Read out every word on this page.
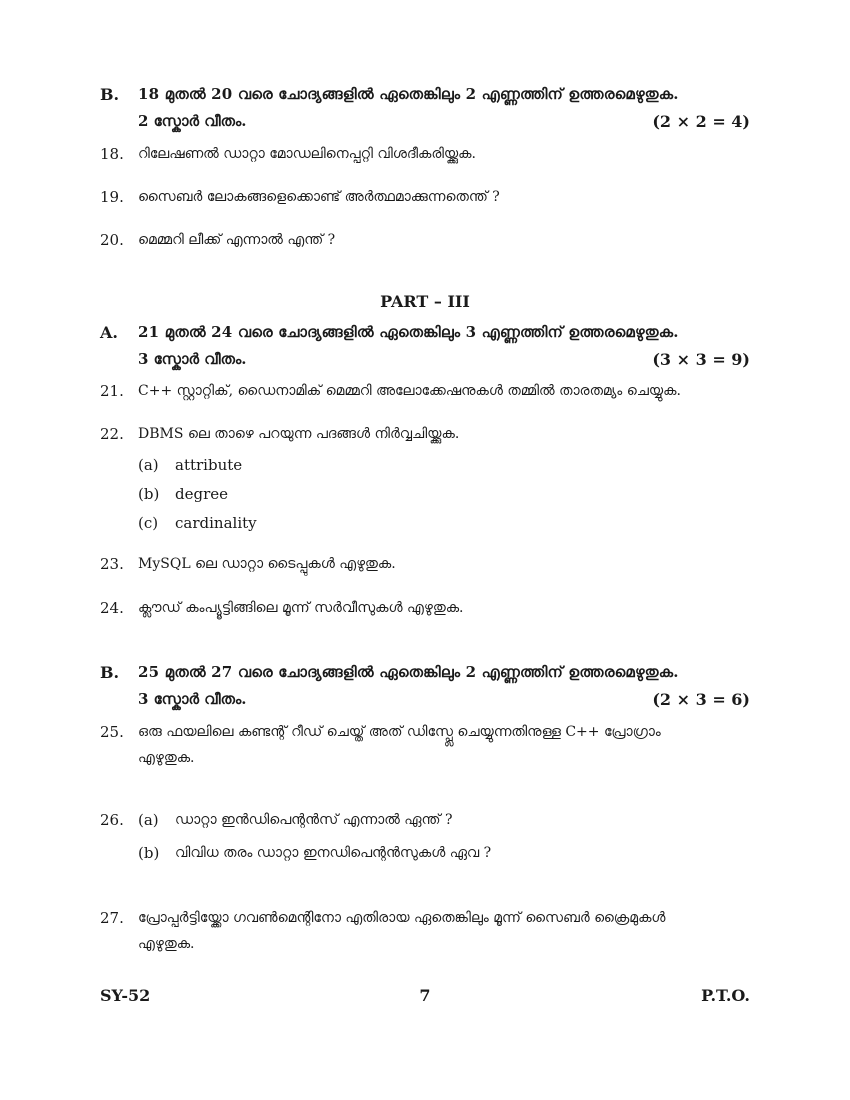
B. 18 മുതൽ 20 വരെ ചോദ്യങ്ങളിൽ ഏതെങ്കിലും 2 എണ്ണത്തിന് ഉത്തരമെഴുതുക.
2 സ്കോർ വീതം.	(2 × 2 = 4)
18. റിലേഷണൽ ഡാറ്റാ മോഡലിനെപ്പറ്റി വിശദീകരിയ്ക്കുക.
19. സൈബർ ലോകങ്ങളെക്കൊണ്ട് അർത്ഥമാക്കുന്നതെന്ത് ?
20. മെമ്മറി ലീക്ക് എന്നാൽ എന്ത് ?
PART – III
A. 21 മുതൽ 24 വരെ ചോദ്യങ്ങളിൽ ഏതെങ്കിലും 3 എണ്ണത്തിന് ഉത്തരമെഴുതുക.
3 സ്കോർ വീതം.	(3 × 3 = 9)
21. C++ സ്റ്റാറ്റിക്, ഡൈനാമിക് മെമ്മറി അലോക്കേഷനുകൾ തമ്മിൽ താരതമ്യം ചെയ്യുക.
22. DBMS ലെ താഴെ പറയുന്ന പദങ്ങൾ നിർവ്വചിയ്ക്കുക.
(a) attribute
(b) degree
(c) cardinality
23. MySQL ലെ ഡാറ്റാ ടൈപ്പുകൾ എഴുതുക.
24. ക്ലൗഡ് കംപ്യൂട്ടിങ്ങിലെ മൂന്ന് സർവീസുകൾ എഴുതുക.
B. 25 മുതൽ 27 വരെ ചോദ്യങ്ങളിൽ ഏതെങ്കിലും 2 എണ്ണത്തിന് ഉത്തരമെഴുതുക.
3 സ്കോർ വീതം.	(2 × 3 = 6)
25. ഒരു ഫയലിലെ കണ്ടന്റ് റീഡ് ചെയ്ത് അത് ഡിസ്പ്ലേ ചെയ്യുന്നതിനുള്ള C++ പ്രോഗ്രാം
എഴുതുക.
26. (a) ഡാറ്റാ ഇൻഡിപെന്റൻസ് എന്നാൽ ഏന്ത് ?
(b) വിവിധ തരം ഡാറ്റാ ഇനഡിപെന്റൻസുകൾ ഏവ ?
27. പ്രോപ്പർട്ടിയ്ക്കോ ഗവൺമെന്റിനോ എതിരായ ഏതെങ്കിലും മൂന്ന് സൈബർ ക്രൈമുകൾ
എഴുതുക.
SY-52	7	P.T.O.
